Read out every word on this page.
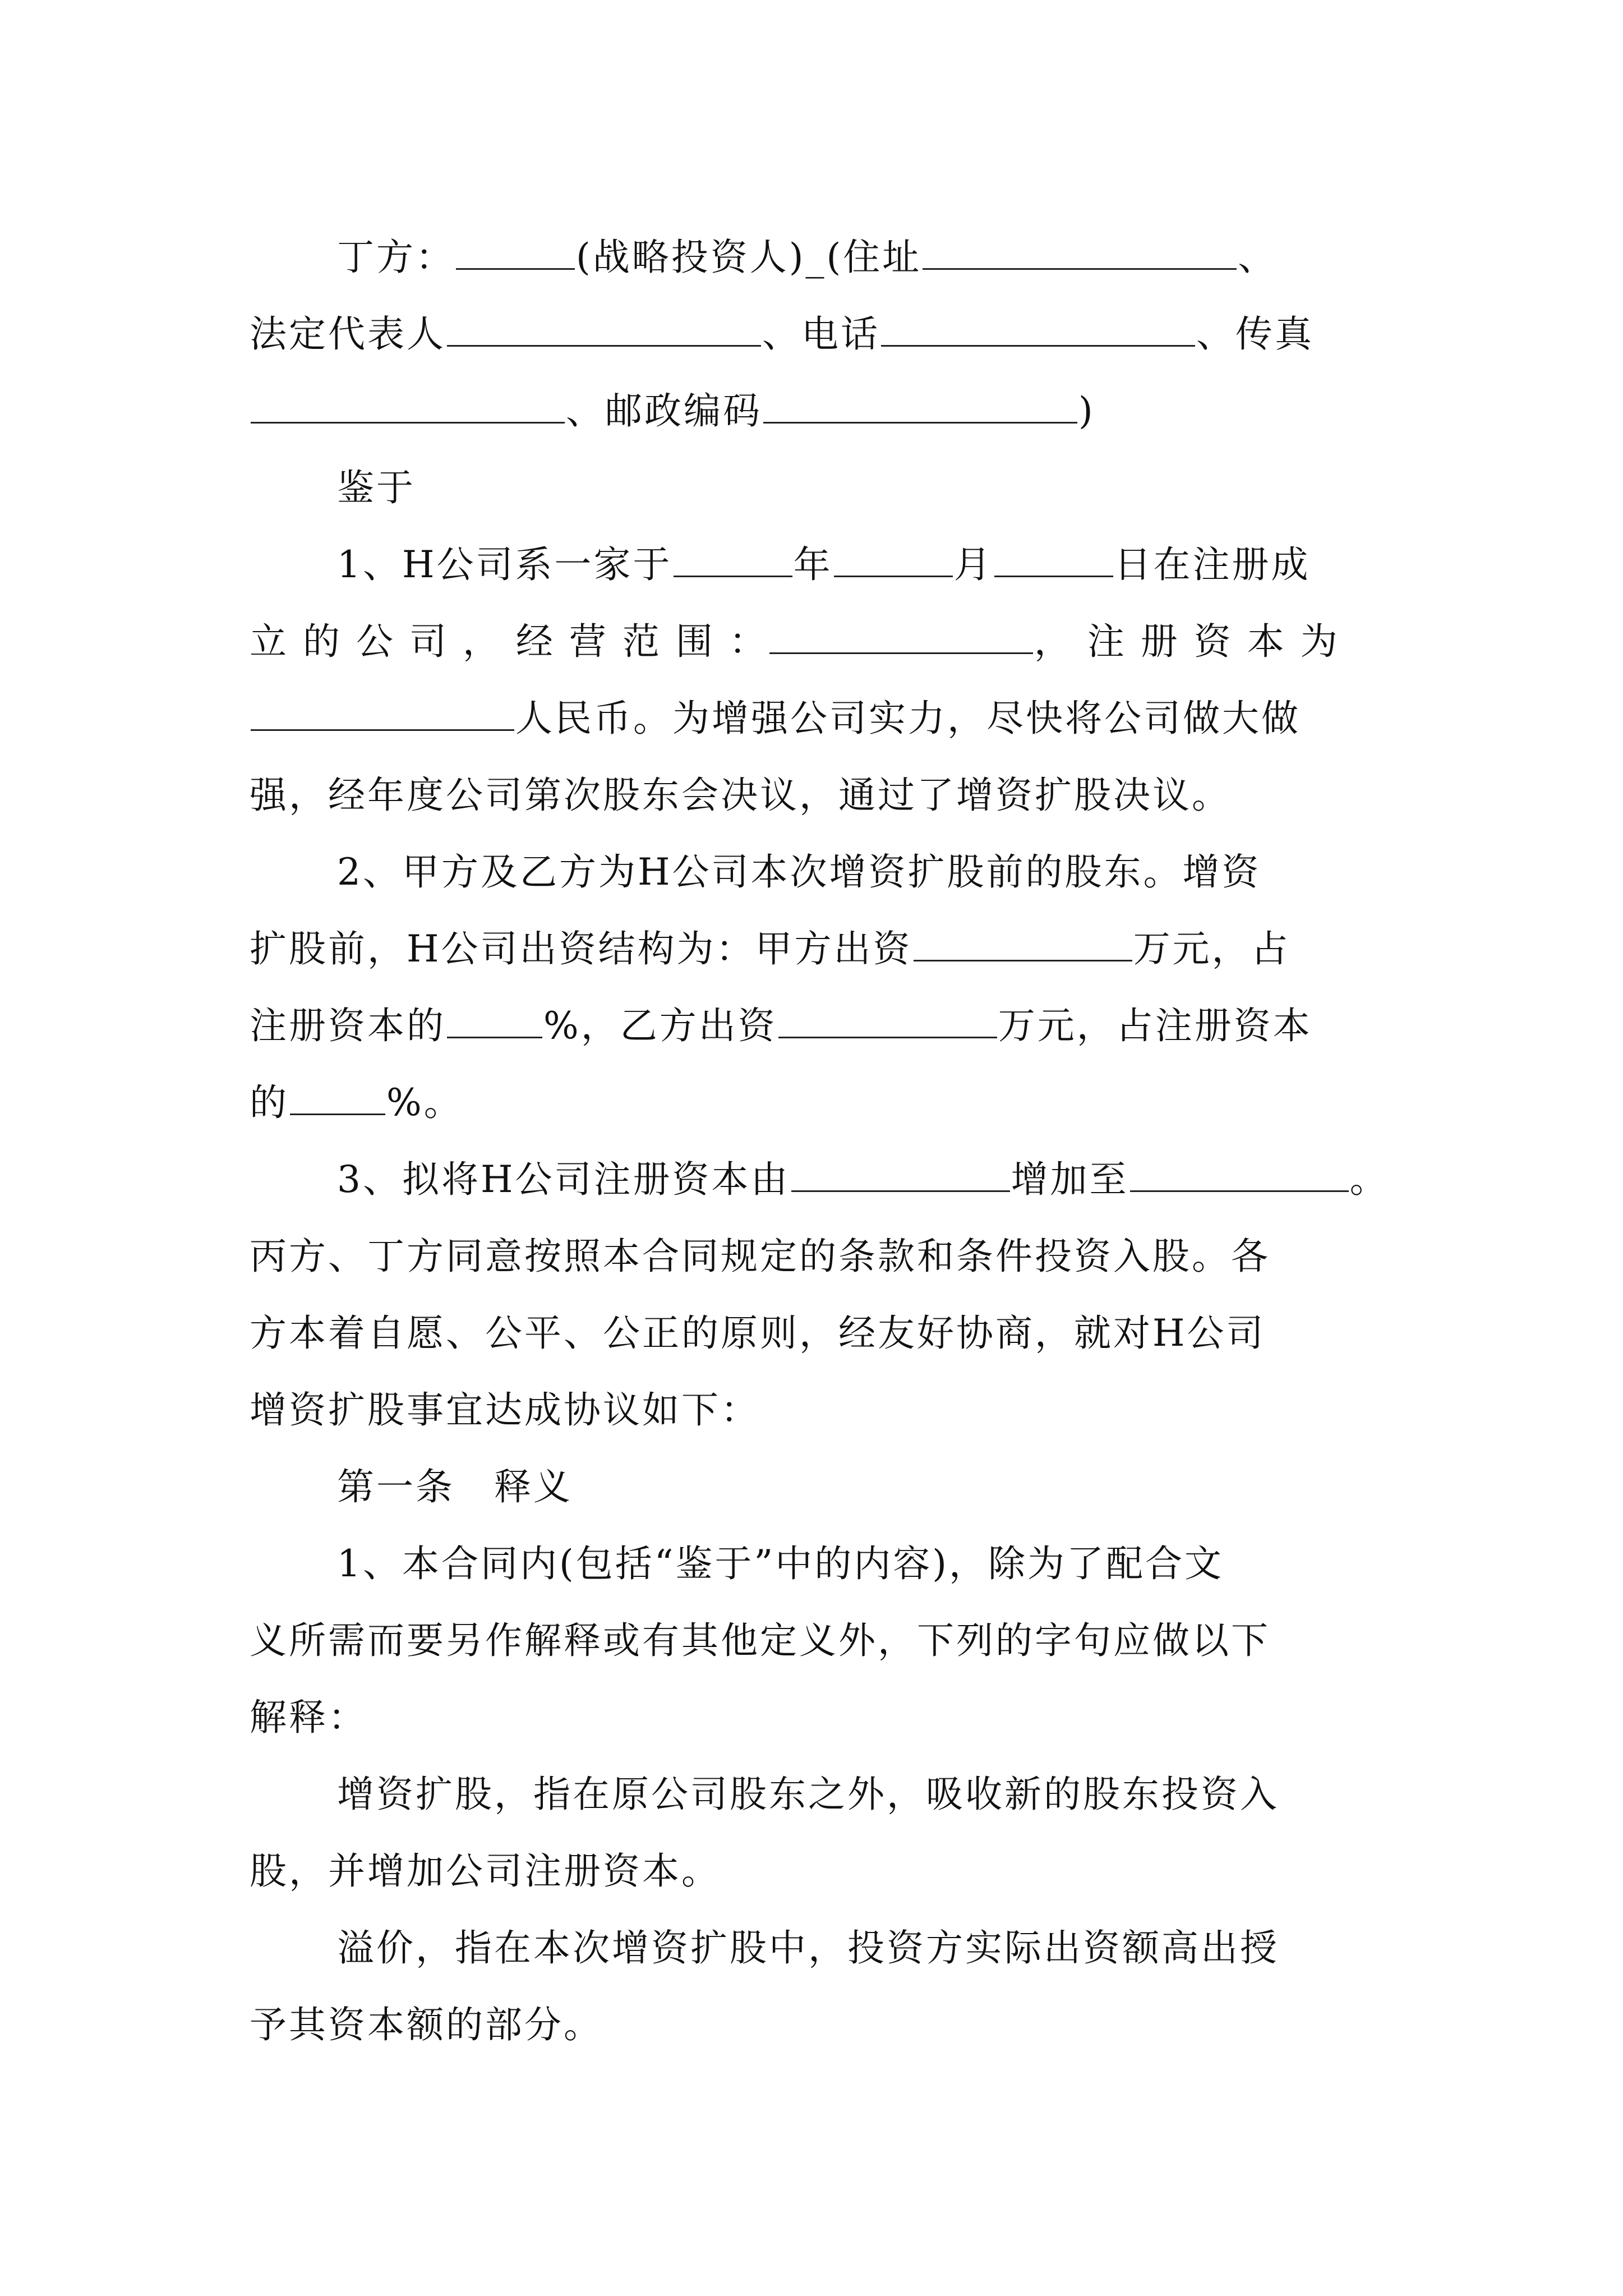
丁方：	(战略投资人)_(住址	、
法定代表人	、电话	、传真
、邮政编码	)
鉴于
1、H公司系一家于	年	月	日在注册成
立 的 公 司 ， 经 营 范 围 ：	， 注 册 资 本 为
人民币。为增强公司实力，尽快将公司做大做
强，经年度公司第次股东会决议，通过了增资扩股决议。
2、甲方及乙方为H公司本次增资扩股前的股东。增资
扩股前，H公司出资结构为：甲方出资	万元，占
注册资本的	%，乙方出资	万元，占注册资本
的	%。
3、拟将H公司注册资本由	增加至	。
丙方、丁方同意按照本合同规定的条款和条件投资入股。各
方本着自愿、公平、公正的原则，经友好协商，就对H公司
增资扩股事宜达成协议如下：
第一条　释义
1、本合同内(包括“鉴于”中的内容)，除为了配合文
义所需而要另作解释或有其他定义外，下列的字句应做以下
解释：
增资扩股，指在原公司股东之外，吸收新的股东投资入
股，并增加公司注册资本。
溢价，指在本次增资扩股中，投资方实际出资额高出授
予其资本额的部分。
